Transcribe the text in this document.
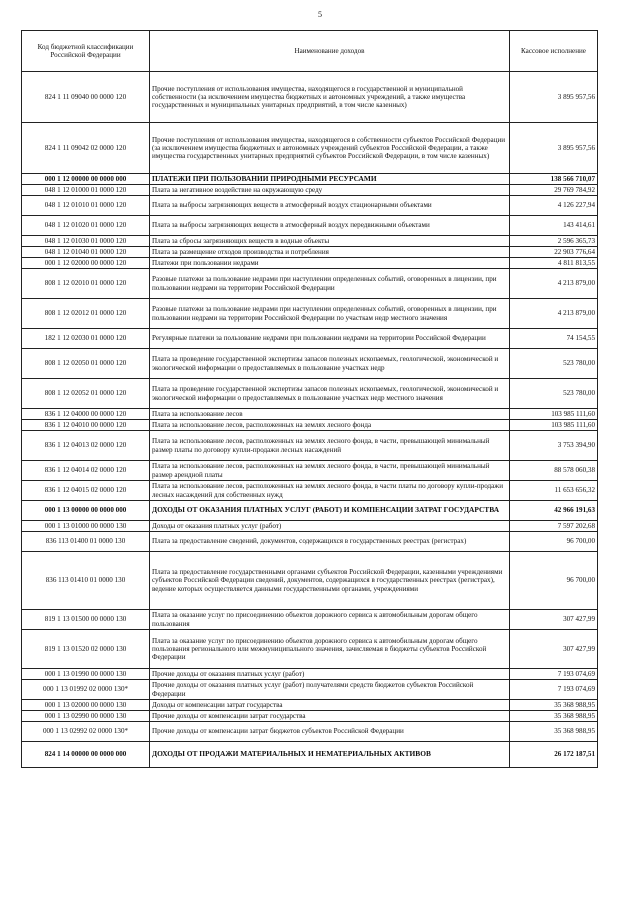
5
Код бюджетной классификации Российской Федерации	Наименование доходов	Кассовое исполнение
824 1 11 09040 00 0000 120	Прочие поступления от использования имущества, находящегося в государственной и муниципальной собственности (за исключением имущества бюджетных и автономных учреждений, а также имущества государственных и муниципальных унитарных предприятий, в том числе казенных)	3 895 957,56
824 1 11 09042 02 0000 120	Прочие поступления от использования имущества, находящегося в собственности субъектов Российской Федерации (за исключением имущества бюджетных и автономных учреждений субъектов Российской Федерации, а также имущества государственных унитарных предприятий субъектов Российской Федерации, в том числе казенных)	3 895 957,56
000 1 12 00000 00 0000 000	ПЛАТЕЖИ ПРИ ПОЛЬЗОВАНИИ ПРИРОДНЫМИ РЕСУРСАМИ	138 566 710,07
048 1 12 01000 01 0000 120	Плата за негативное воздействие на окружающую среду	29 769 784,92
048 1 12 01010 01 0000 120	Плата за выбросы загрязняющих веществ в атмосферный воздух стационарными объектами	4 126 227,94
048 1 12 01020 01 0000 120	Плата за выбросы загрязняющих веществ в атмосферный воздух передвижными объектами	143 414,61
048 1 12 01030 01 0000 120	Плата за сбросы загрязняющих веществ в водные объекты	2 596 365,73
048 1 12 01040 01 0000 120	Плата за размещение отходов производства и потребления	22 903 776,64
000 1 12 02000 00 0000 120	Платежи при пользовании недрами	4 811 813,55
808 1 12 02010 01 0000 120	Разовые платежи за пользование недрами при наступлении определенных событий, оговоренных в лицензии, при пользовании недрами на территории Российской Федерации	4 213 879,00
808 1 12 02012 01 0000 120	Разовые платежи за пользование недрами при наступлении определенных событий, оговоренных в лицензии, при пользовании недрами на территории Российской Федерации по участкам недр местного значения	4 213 879,00
182 1 12 02030 01 0000 120	Регулярные платежи за пользование недрами при пользовании недрами на территории Российской Федерации	74 154,55
808 1 12 02050 01 0000 120	Плата за проведение государственной экспертизы запасов полезных ископаемых, геологической, экономической и экологической информации о предоставляемых в пользование участках недр	523 780,00
808 1 12 02052 01 0000 120	Плата за проведение государственной экспертизы запасов полезных ископаемых, геологической, экономической и экологической информации о предоставляемых в пользование участках недр местного значения	523 780,00
836 1 12 04000 00 0000 120	Плата за использование лесов	103 985 111,60
836 1 12 04010 00 0000 120	Плата за использование лесов, расположенных на землях лесного фонда	103 985 111,60
836 1 12 04013 02 0000 120	Плата за использование лесов, расположенных на землях лесного фонда, в части, превышающей минимальный размер платы по договору купли-продажи лесных насаждений	3 753 394,90
836 1 12 04014 02 0000 120	Плата за использование лесов, расположенных на землях лесного фонда, в части, превышающей минимальный размер арендной платы	88 578 060,38
836 1 12 04015 02 0000 120	Плата за использование лесов, расположенных на землях лесного фонда, в части платы по договору купли-продажи лесных насаждений для собственных нужд	11 653 656,32
000 1 13 00000 00 0000 000	ДОХОДЫ ОТ ОКАЗАНИЯ ПЛАТНЫХ УСЛУГ (РАБОТ) И КОМПЕНСАЦИИ ЗАТРАТ ГОСУДАРСТВА	42 966 191,63
000 1 13 01000 00 0000 130	Доходы от оказания платных услуг (работ)	7 597 202,68
836 113 01400 01 0000 130	Плата за предоставление сведений, документов, содержащихся в государственных реестрах (регистрах)	96 700,00
836 113 01410 01 0000 130	Плата за предоставление государственными органами субъектов Российской Федерации, казенными учреждениями субъектов Российской Федерации сведений, документов, содержащихся в государственных реестрах (регистрах), ведение которых осуществляется данными государственными органами, учреждениями	96 700,00
819 1 13 01500 00 0000 130	Плата за оказание услуг по присоединению объектов дорожного сервиса к автомобильным дорогам общего пользования	307 427,99
819 1 13 01520 02 0000 130	Плата за оказание услуг по присоединению объектов дорожного сервиса к автомобильным дорогам общего пользования регионального или межмуниципального значения, зачисляемая в бюджеты субъектов Российской Федерации	307 427,99
000 1 13 01990 00 0000 130	Прочие доходы от оказания платных услуг (работ)	7 193 074,69
000 1 13 01992 02 0000 130*	Прочие доходы от оказания платных услуг (работ) получателями средств бюджетов субъектов Российской Федерации	7 193 074,69
000 1 13 02000 00 0000 130	Доходы от компенсации затрат государства	35 368 988,95
000 1 13 02990 00 0000 130	Прочие доходы от компенсации затрат государства	35 368 988,95
000 1 13 02992 02 0000 130*	Прочие доходы от компенсации затрат бюджетов субъектов Российской Федерации	35 368 988,95
824 1 14 00000 00 0000 000	ДОХОДЫ ОТ ПРОДАЖИ МАТЕРИАЛЬНЫХ И НЕМАТЕРИАЛЬНЫХ АКТИВОВ	26 172 187,51
